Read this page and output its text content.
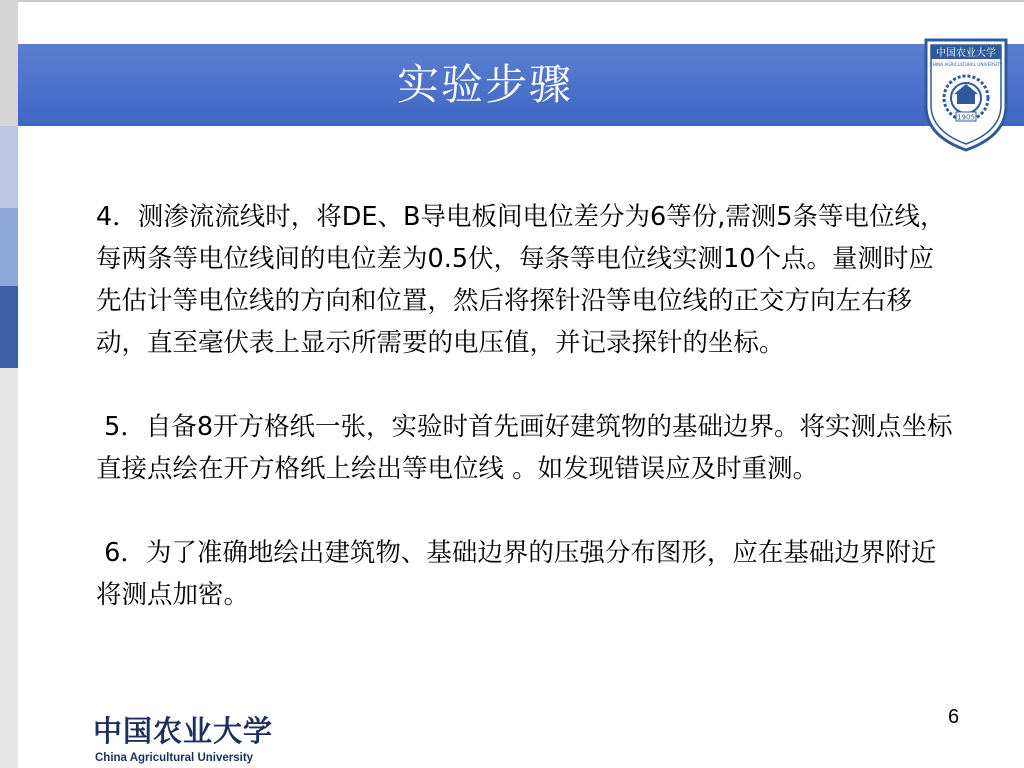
实验步骤
中国农业大学
CHINA AGRICULTURAL UNIVERSITY
1905

4．测渗流流线时，将DE、B导电板间电位差分为6等份,需测5条等电位线，每两条等电位线间的电位差为0.5伏，每条等电位线实测10个点。量测时应先估计等电位线的方向和位置，然后将探针沿等电位线的正交方向左右移动，直至毫伏表上显示所需要的电压值，并记录探针的坐标。

5．自备8开方格纸一张，实验时首先画好建筑物的基础边界。将实测点坐标直接点绘在开方格纸上绘出等电位线 。如发现错误应及时重测。

6．为了准确地绘出建筑物、基础边界的压强分布图形，应在基础边界附近将测点加密。

中国农业大学
China Agricultural University
6
